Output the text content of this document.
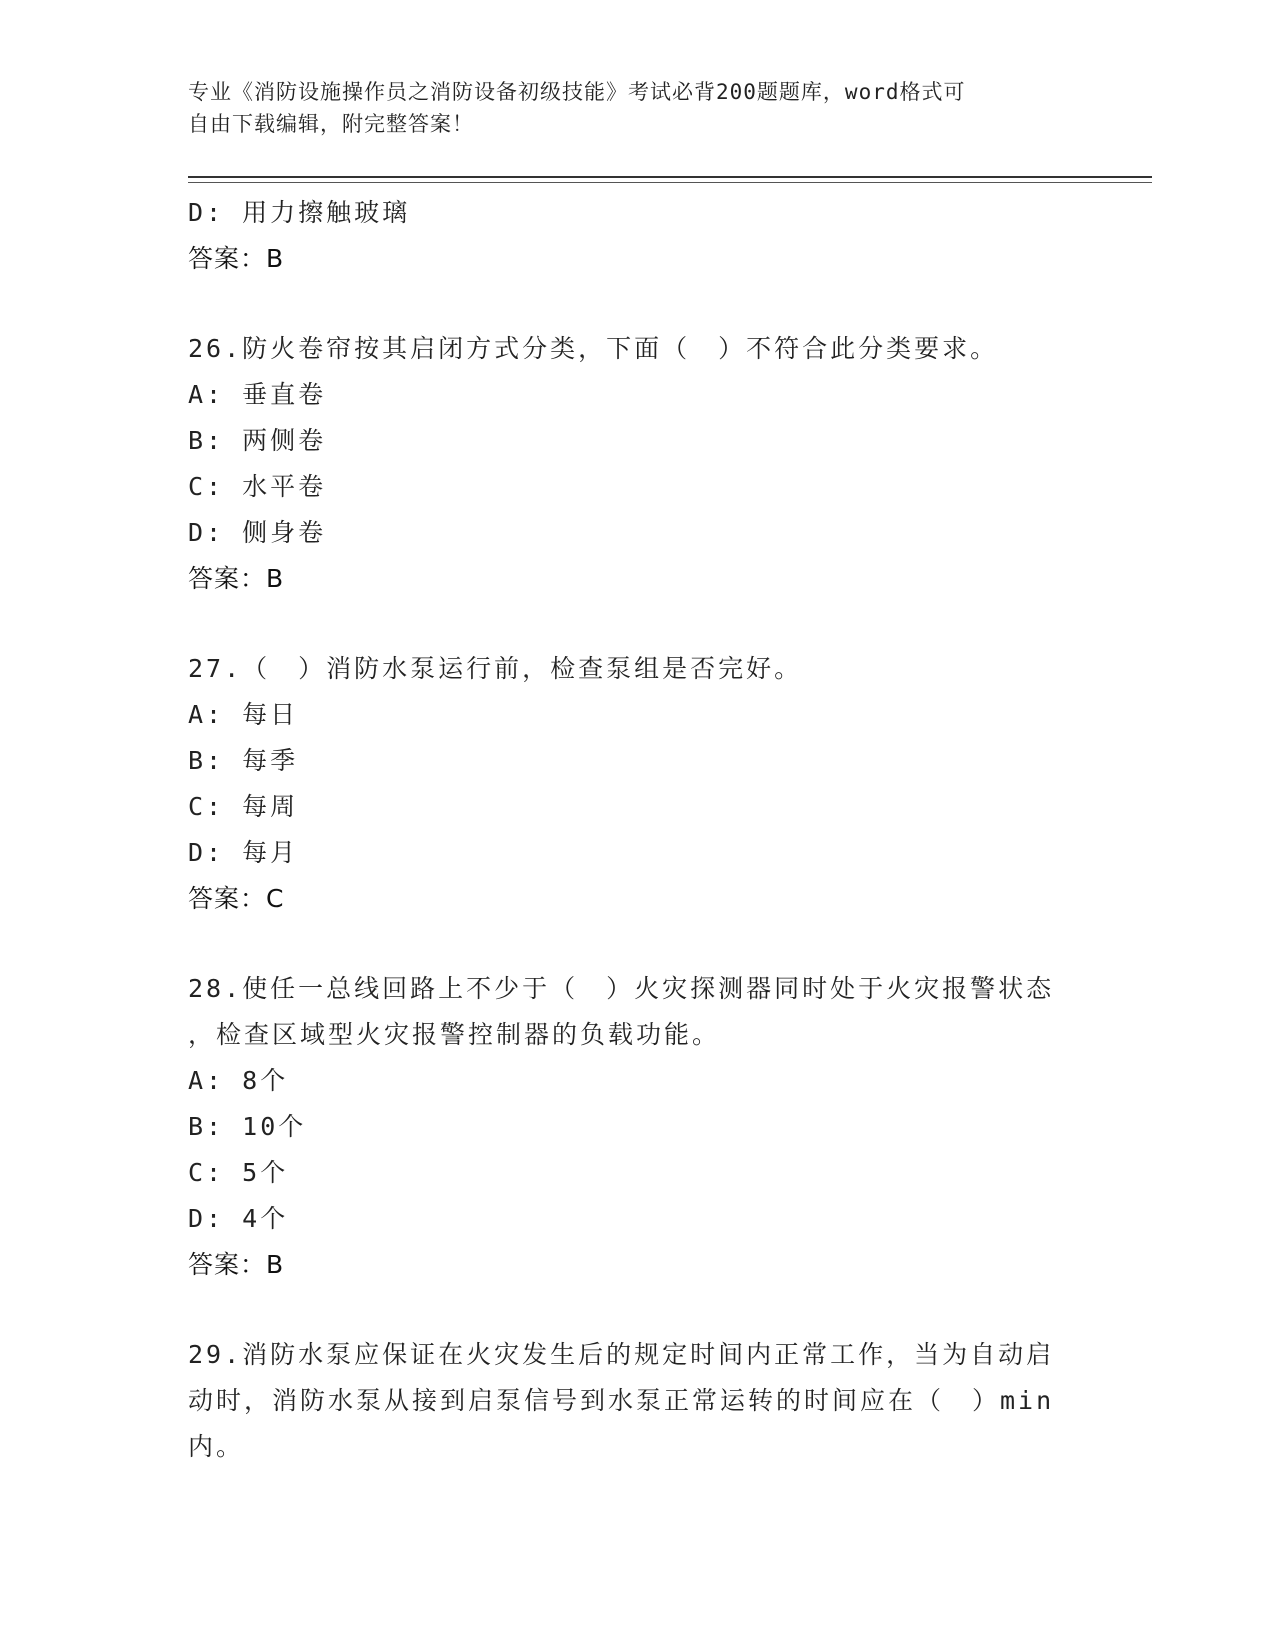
专业《消防设施操作员之消防设备初级技能》考试必背200题题库，word格式可
自由下载编辑，附完整答案！
D: 用力擦触玻璃
答案：B
26.防火卷帘按其启闭方式分类，下面（　）不符合此分类要求。
A: 垂直卷
B: 两侧卷
C: 水平卷
D: 侧身卷
答案：B
27.（　）消防水泵运行前，检查泵组是否完好。
A: 每日
B: 每季
C: 每周
D: 每月
答案：C
28.使任一总线回路上不少于（　）火灾探测器同时处于火灾报警状态
，检查区域型火灾报警控制器的负载功能。
A: 8个
B: 10个
C: 5个
D: 4个
答案：B
29.消防水泵应保证在火灾发生后的规定时间内正常工作，当为自动启
动时，消防水泵从接到启泵信号到水泵正常运转的时间应在（　）min
内。
